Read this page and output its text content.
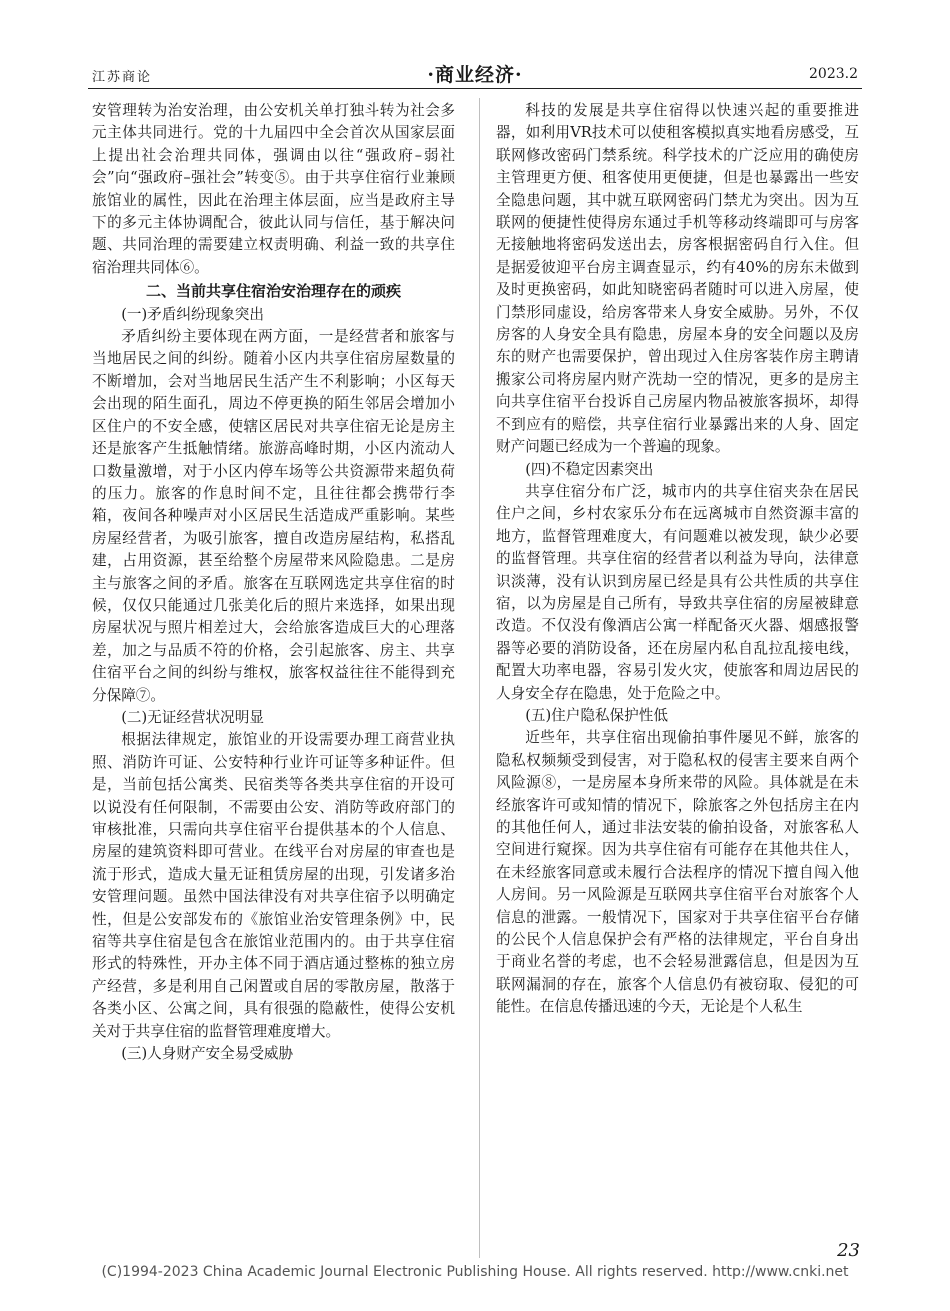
江苏商论	·商业经济·	2023.2

安管理转为治安治理，由公安机关单打独斗转为社会多元主体共同进行。党的十九届四中全会首次从国家层面上提出社会治理共同体，强调由以往“强政府–弱社会”向“强政府–强社会”转变⑤。由于共享住宿行业兼顾旅馆业的属性，因此在治理主体层面，应当是政府主导下的多元主体协调配合，彼此认同与信任，基于解决问题、共同治理的需要建立权责明确、利益一致的共享住宿治理共同体⑥。

二、当前共享住宿治安治理存在的顽疾
(一)矛盾纠纷现象突出

矛盾纠纷主要体现在两方面，一是经营者和旅客与当地居民之间的纠纷。随着小区内共享住宿房屋数量的不断增加，会对当地居民生活产生不利影响；小区每天会出现的陌生面孔，周边不停更换的陌生邻居会增加小区住户的不安全感，使辖区居民对共享住宿无论是房主还是旅客产生抵触情绪。旅游高峰时期，小区内流动人口数量激增，对于小区内停车场等公共资源带来超负荷的压力。旅客的作息时间不定，且往往都会携带行李箱，夜间各种噪声对小区居民生活造成严重影响。某些房屋经营者，为吸引旅客，擅自改造房屋结构，私搭乱建，占用资源，甚至给整个房屋带来风险隐患。二是房主与旅客之间的矛盾。旅客在互联网选定共享住宿的时候，仅仅只能通过几张美化后的照片来选择，如果出现房屋状况与照片相差过大，会给旅客造成巨大的心理落差，加之与品质不符的价格，会引起旅客、房主、共享住宿平台之间的纠纷与维权，旅客权益往往不能得到充分保障⑦。

(二)无证经营状况明显

根据法律规定，旅馆业的开设需要办理工商营业执照、消防许可证、公安特种行业许可证等多种证件。但是，当前包括公寓类、民宿类等各类共享住宿的开设可以说没有任何限制，不需要由公安、消防等政府部门的审核批准，只需向共享住宿平台提供基本的个人信息、房屋的建筑资料即可营业。在线平台对房屋的审查也是流于形式，造成大量无证租赁房屋的出现，引发诸多治安管理问题。虽然中国法律没有对共享住宿予以明确定性，但是公安部发布的《旅馆业治安管理条例》中，民宿等共享住宿是包含在旅馆业范围内的。由于共享住宿形式的特殊性，开办主体不同于酒店通过整栋的独立房产经营，多是利用自己闲置或自居的零散房屋，散落于各类小区、公寓之间，具有很强的隐蔽性，使得公安机关对于共享住宿的监督管理难度增大。

(三)人身财产安全易受威胁

科技的发展是共享住宿得以快速兴起的重要推进器，如利用VR技术可以使租客模拟真实地看房感受，互联网修改密码门禁系统。科学技术的广泛应用的确使房主管理更方便、租客使用更便捷，但是也暴露出一些安全隐患问题，其中就互联网密码门禁尤为突出。因为互联网的便捷性使得房东通过手机等移动终端即可与房客无接触地将密码发送出去，房客根据密码自行入住。但是据爱彼迎平台房主调查显示，约有40%的房东未做到及时更换密码，如此知晓密码者随时可以进入房屋，使门禁形同虚设，给房客带来人身安全威胁。另外，不仅房客的人身安全具有隐患，房屋本身的安全问题以及房东的财产也需要保护，曾出现过入住房客装作房主聘请搬家公司将房屋内财产洗劫一空的情况，更多的是房主向共享住宿平台投诉自己房屋内物品被旅客损坏，却得不到应有的赔偿，共享住宿行业暴露出来的人身、固定财产问题已经成为一个普遍的现象。

(四)不稳定因素突出

共享住宿分布广泛，城市内的共享住宿夹杂在居民住户之间，乡村农家乐分布在远离城市自然资源丰富的地方，监督管理难度大，有问题难以被发现，缺少必要的监督管理。共享住宿的经营者以利益为导向，法律意识淡薄，没有认识到房屋已经是具有公共性质的共享住宿，以为房屋是自己所有，导致共享住宿的房屋被肆意改造。不仅没有像酒店公寓一样配备灭火器、烟感报警器等必要的消防设备，还在房屋内私自乱拉乱接电线，配置大功率电器，容易引发火灾，使旅客和周边居民的人身安全存在隐患，处于危险之中。

(五)住户隐私保护性低

近些年，共享住宿出现偷拍事件屡见不鲜，旅客的隐私权频频受到侵害，对于隐私权的侵害主要来自两个风险源⑧，一是房屋本身所来带的风险。具体就是在未经旅客许可或知情的情况下，除旅客之外包括房主在内的其他任何人，通过非法安装的偷拍设备，对旅客私人空间进行窥探。因为共享住宿有可能存在其他共住人，在未经旅客同意或未履行合法程序的情况下擅自闯入他人房间。另一风险源是互联网共享住宿平台对旅客个人信息的泄露。一般情况下，国家对于共享住宿平台存储的公民个人信息保护会有严格的法律规定，平台自身出于商业名誉的考虑，也不会轻易泄露信息，但是因为互联网漏洞的存在，旅客个人信息仍有被窃取、侵犯的可能性。在信息传播迅速的今天，无论是个人私生

23
(C)1994-2023 China Academic Journal Electronic Publishing House. All rights reserved. http://www.cnki.net
